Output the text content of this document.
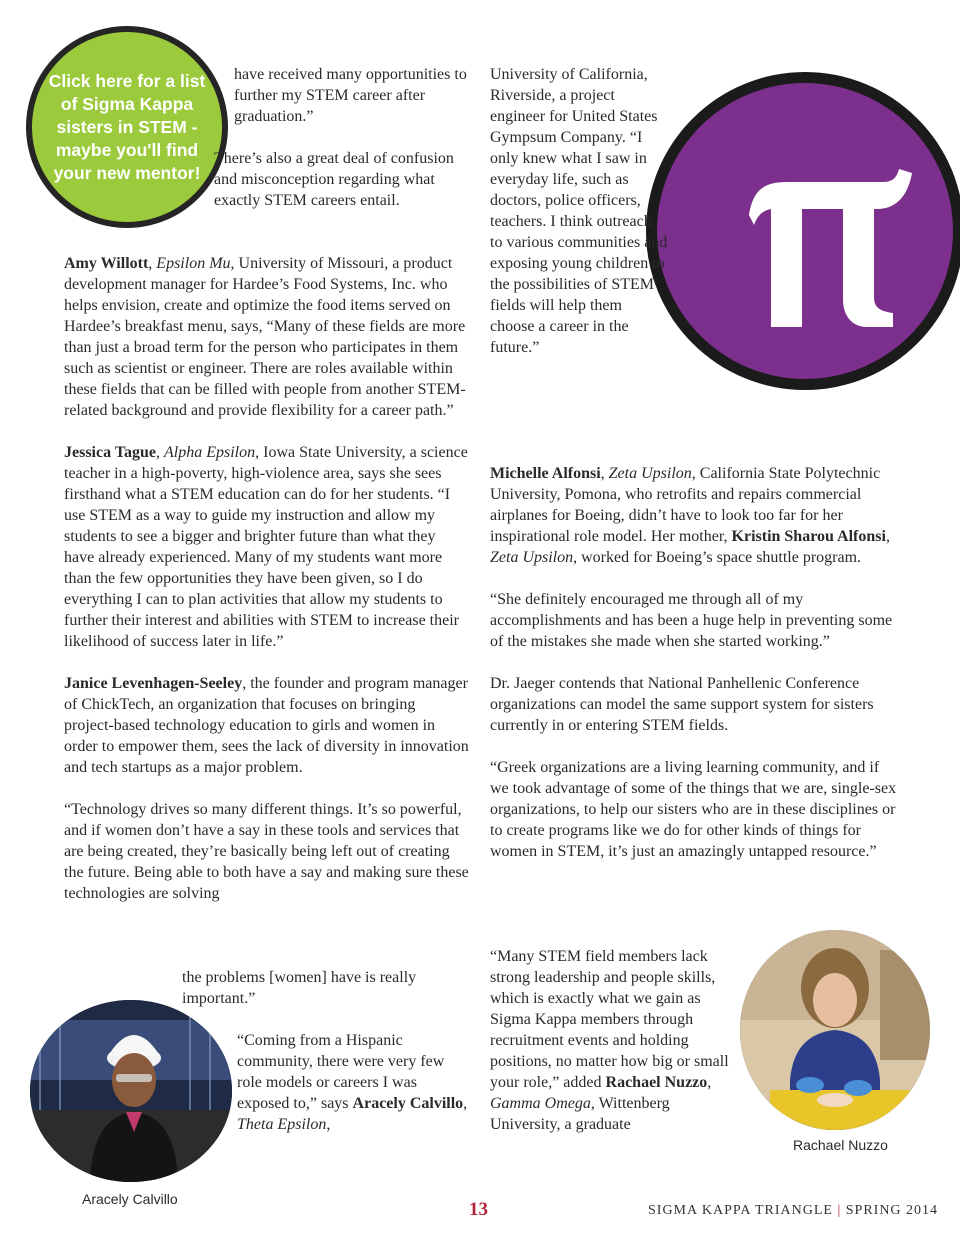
Click here for a list of Sigma Kappa sisters in STEM - maybe you'll find your new mentor!
have received many opportunities to further my STEM career after graduation.”
There’s also a great deal of confusion and misconception regarding what exactly STEM careers entail.

Amy Willott, Epsilon Mu, University of Missouri, a product development manager for Hardee’s Food Systems, Inc. who helps envision, create and optimize the food items served on Hardee’s breakfast menu, says, “Many of these fields are more than just a broad term for the person who participates in them such as scientist or engineer. There are roles available within these fields that can be filled with people from another STEM-related background and provide flexibility for a career path.”

Jessica Tague, Alpha Epsilon, Iowa State University, a science teacher in a high-poverty, high-violence area, says she sees firsthand what a STEM education can do for her students. “I use STEM as a way to guide my instruction and allow my students to see a bigger and brighter future than what they have already experienced. Many of my students want more than the few opportunities they have been given, so I do everything I can to plan activities that allow my students to further their interest and abilities with STEM to increase their likelihood of success later in life.”

Janice Levenhagen-Seeley, the founder and program manager of ChickTech, an organization that focuses on bringing project-based technology education to girls and women in order to empower them, sees the lack of diversity in innovation and tech startups as a major problem.

“Technology drives so many different things. It’s so powerful, and if women don’t have a say in these tools and services that are being created, they’re basically being left out of creating the future. Being able to both have a say and making sure these technologies are solving

the problems [women] have is really important.”
“Coming from a Hispanic community, there were very few role models or careers I was exposed to,” says Aracely Calvillo, Theta Epsilon,
Aracely Calvillo
University of California, Riverside, a project engineer for United States Gympsum Company. “I only knew what I saw in everyday life, such as doctors, police officers, teachers. I think outreach to various communities and exposing young children to the possibilities of STEM fields will help them choose a career in the future.”

Michelle Alfonsi, Zeta Upsilon, California State Polytechnic University, Pomona, who retrofits and repairs commercial airplanes for Boeing, didn’t have to look too far for her inspirational role model. Her mother, Kristin Sharou Alfonsi, Zeta Upsilon, worked for Boeing’s space shuttle program.

“She definitely encouraged me through all of my accomplishments and has been a huge help in preventing some of the mistakes she made when she started working.”

Dr. Jaeger contends that National Panhellenic Conference organizations can model the same support system for sisters currently in or entering STEM fields.

“Greek organizations are a living learning community, and if we took advantage of some of the things that we are, single-sex organizations, to help our sisters who are in these disciplines or to create programs like we do for other kinds of things for women in STEM, it’s just an amazingly untapped resource.”

“Many STEM field members lack strong leadership and people skills, which is exactly what we gain as Sigma Kappa members through recruitment events and holding positions, no matter how big or small your role,” added Rachael Nuzzo, Gamma Omega, Wittenberg University, a graduate
Rachael Nuzzo
13	SIGMA KAPPA TRIANGLE | SPRING 2014
